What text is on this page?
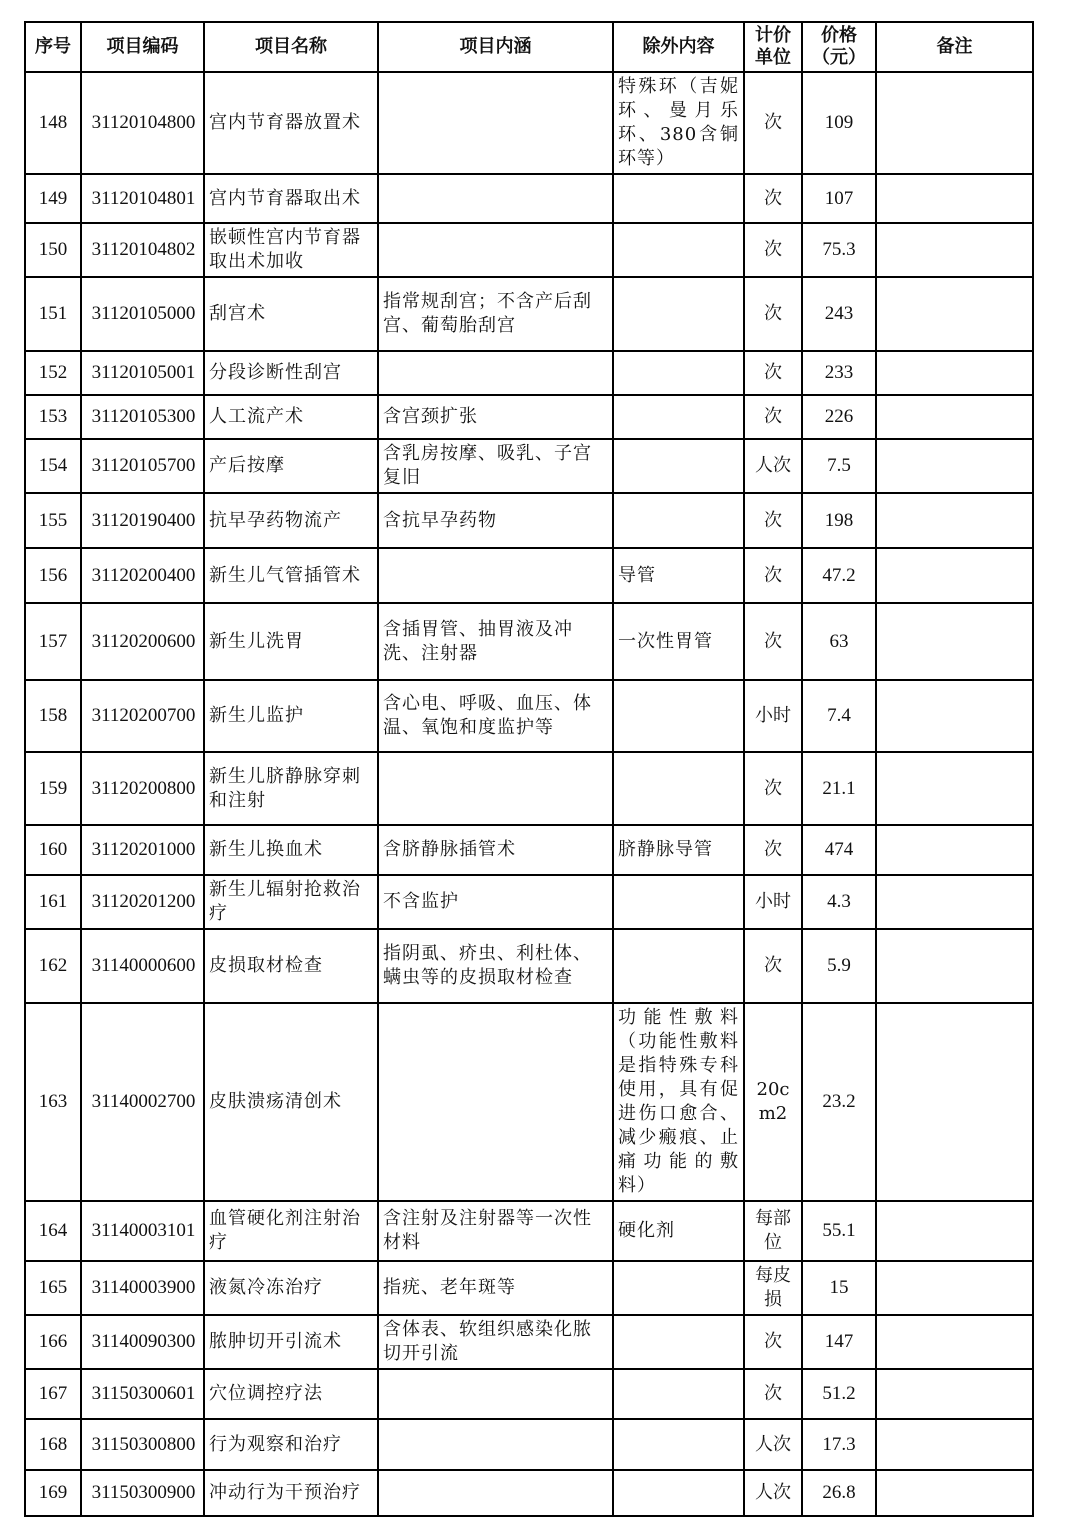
序号	项目编码	项目名称	项目内涵	除外内容	计价单位	价格（元）	备注
148	31120104800	宫内节育器放置术		特殊环（吉妮环、曼月乐环、380含铜环等）	次	109	
149	31120104801	宫内节育器取出术			次	107	
150	31120104802	嵌顿性宫内节育器取出术加收			次	75.3	
151	31120105000	刮宫术	指常规刮宫；不含产后刮宫、葡萄胎刮宫		次	243	
152	31120105001	分段诊断性刮宫			次	233	
153	31120105300	人工流产术	含宫颈扩张		次	226	
154	31120105700	产后按摩	含乳房按摩、吸乳、子宫复旧		人次	7.5	
155	31120190400	抗早孕药物流产	含抗早孕药物		次	198	
156	31120200400	新生儿气管插管术		导管	次	47.2	
157	31120200600	新生儿洗胃	含插胃管、抽胃液及冲洗、注射器	一次性胃管	次	63	
158	31120200700	新生儿监护	含心电、呼吸、血压、体温、氧饱和度监护等		小时	7.4	
159	31120200800	新生儿脐静脉穿刺和注射			次	21.1	
160	31120201000	新生儿换血术	含脐静脉插管术	脐静脉导管	次	474	
161	31120201200	新生儿辐射抢救治疗	不含监护		小时	4.3	
162	31140000600	皮损取材检查	指阴虱、疥虫、利杜体、螨虫等的皮损取材检查		次	5.9	
163	31140002700	皮肤溃疡清创术		功能性敷料（功能性敷料是指特殊专科使用，具有促进伤口愈合、减少瘢痕、止痛功能的敷料）	20cm2	23.2	
164	31140003101	血管硬化剂注射治疗	含注射及注射器等一次性材料	硬化剂	每部位	55.1	
165	31140003900	液氮冷冻治疗	指疣、老年斑等		每皮损	15	
166	31140090300	脓肿切开引流术	含体表、软组织感染化脓切开引流		次	147	
167	31150300601	穴位调控疗法			次	51.2	
168	31150300800	行为观察和治疗			人次	17.3	
169	31150300900	冲动行为干预治疗			人次	26.8	
